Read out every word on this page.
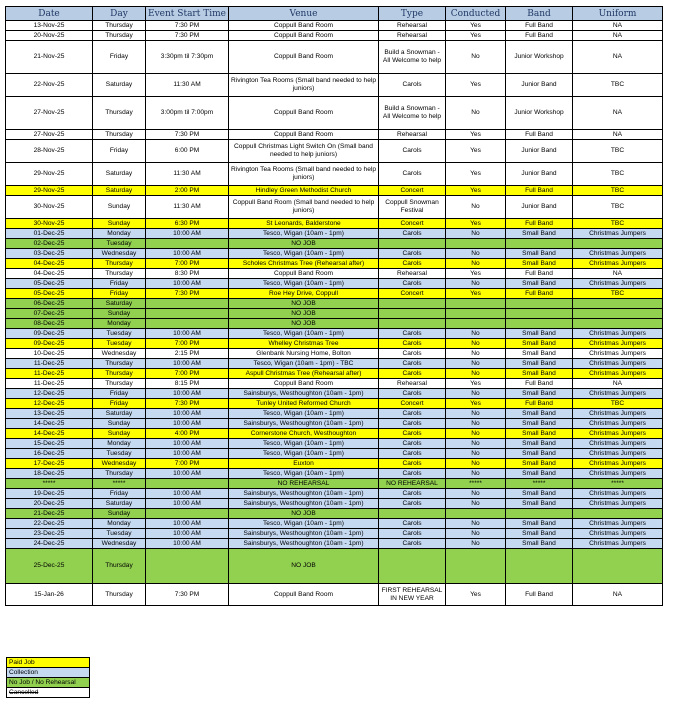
Date	Day	Event Start Time	Venue	Type	Conducted	Band	Uniform
13-Nov-25	Thursday	7:30 PM	Coppull Band Room	Rehearsal	Yes	Full Band	NA
20-Nov-25	Thursday	7:30 PM	Coppull Band Room	Rehearsal	Yes	Full Band	NA
21-Nov-25	Friday	3:30pm til 7:30pm	Coppull Band Room	Build a Snowman - All Welcome to help	No	Junior Workshop	NA
22-Nov-25	Saturday	11:30 AM	Rivington Tea Rooms (Small band needed to help juniors)	Carols	Yes	Junior Band	TBC
27-Nov-25	Thursday	3:00pm til 7:00pm	Coppull Band Room	Build a Snowman - All Welcome to help	No	Junior Workshop	NA
27-Nov-25	Thursday	7:30 PM	Coppull Band Room	Rehearsal	Yes	Full Band	NA
28-Nov-25	Friday	6:00 PM	Coppull Christmas Light Switch On (Small band needed to help juniors)	Carols	Yes	Junior Band	TBC
29-Nov-25	Saturday	11:30 AM	Rivington Tea Rooms (Small band needed to help juniors)	Carols	Yes	Junior Band	TBC
29-Nov-25	Saturday	2:00 PM	Hindley Green Methodist Church	Concert	Yes	Full Band	TBC
30-Nov-25	Sunday	11:30 AM	Coppull Band Room (Small band needed to help juniors)	Coppull Snowman Festival	No	Junior Band	TBC
30-Nov-25	Sunday	6:30 PM	St Leonards, Balderstone	Concert	Yes	Full Band	TBC
01-Dec-25	Monday	10:00 AM	Tesco, Wigan (10am - 1pm)	Carols	No	Small Band	Christmas Jumpers
02-Dec-25	Tuesday		NO JOB				
03-Dec-25	Wednesday	10:00 AM	Tesco, Wigan (10am - 1pm)	Carols	No	Small Band	Christmas Jumpers
04-Dec-25	Thursday	7:00 PM	Scholes Christmas Tree (Rehearsal after)	Carols	No	Small Band	Christmas Jumpers
04-Dec-25	Thursday	8:30 PM	Coppull Band Room	Rehearsal	Yes	Full Band	NA
05-Dec-25	Friday	10:00 AM	Tesco, Wigan (10am - 1pm)	Carols	No	Small Band	Christmas Jumpers
05-Dec-25	Friday	7:30 PM	Roe Hey Drive, Coppull	Concert	Yes	Full Band	TBC
06-Dec-25	Saturday		NO JOB				
07-Dec-25	Sunday		NO JOB				
08-Dec-25	Monday		NO JOB				
09-Dec-25	Tuesday	10:00 AM	Tesco, Wigan (10am - 1pm)	Carols	No	Small Band	Christmas Jumpers
09-Dec-25	Tuesday	7:00 PM	Whelley Christmas Tree	Carols	No	Small Band	Christmas Jumpers
10-Dec-25	Wednesday	2:15 PM	Glenbank Nursing Home, Bolton	Carols	No	Small Band	Christmas Jumpers
11-Dec-25	Thursday	10:00 AM	Tesco, Wigan (10am - 1pm) - TBC	Carols	No	Small Band	Christmas Jumpers
11-Dec-25	Thursday	7:00 PM	Aspull Christmas Tree (Rehearsal after)	Carols	No	Small Band	Christmas Jumpers
11-Dec-25	Thursday	8:15 PM	Coppull Band Room	Rehearsal	Yes	Full Band	NA
12-Dec-25	Friday	10:00 AM	Sainsburys, Westhoughton (10am - 1pm)	Carols	No	Small Band	Christmas Jumpers
12-Dec-25	Friday	7:30 PM	Tunley United Reformed Church	Concert	Yes	Full Band	TBC
13-Dec-25	Saturday	10:00 AM	Tesco, Wigan (10am - 1pm)	Carols	No	Small Band	Christmas Jumpers
14-Dec-25	Sunday	10:00 AM	Sainsburys, Westhoughton (10am - 1pm)	Carols	No	Small Band	Christmas Jumpers
14-Dec-25	Sunday	4:00 PM	Cornerstone Church, Westhoughton	Carols	No	Small Band	Christmas Jumpers
15-Dec-25	Monday	10:00 AM	Tesco, Wigan (10am - 1pm)	Carols	No	Small Band	Christmas Jumpers
16-Dec-25	Tuesday	10:00 AM	Tesco, Wigan (10am - 1pm)	Carols	No	Small Band	Christmas Jumpers
17-Dec-25	Wednesday	7:00 PM	Euxton	Carols	No	Small Band	Christmas Jumpers
18-Dec-25	Thursday	10:00 AM	Tesco, Wigan (10am - 1pm)	Carols	No	Small Band	Christmas Jumpers
*****	*****		NO REHEARSAL	NO REHEARSAL	*****	*****	*****
19-Dec-25	Friday	10:00 AM	Sainsburys, Westhoughton (10am - 1pm)	Carols	No	Small Band	Christmas Jumpers
20-Dec-25	Saturday	10:00 AM	Sainsburys, Westhoughton (10am - 1pm)	Carols	No	Small Band	Christmas Jumpers
21-Dec-25	Sunday		NO JOB				
22-Dec-25	Monday	10:00 AM	Tesco, Wigan (10am - 1pm)	Carols	No	Small Band	Christmas Jumpers
23-Dec-25	Tuesday	10:00 AM	Sainsburys, Westhoughton (10am - 1pm)	Carols	No	Small Band	Christmas Jumpers
24-Dec-25	Wednesday	10:00 AM	Sainsburys, Westhoughton (10am - 1pm)	Carols	No	Small Band	Christmas Jumpers
25-Dec-25	Thursday		NO JOB				
15-Jan-26	Thursday	7:30 PM	Coppull Band Room	FIRST REHEARSAL IN NEW YEAR	Yes	Full Band	NA
Paid Job
Collection
No Job / No Rehearsal
Cancelled
